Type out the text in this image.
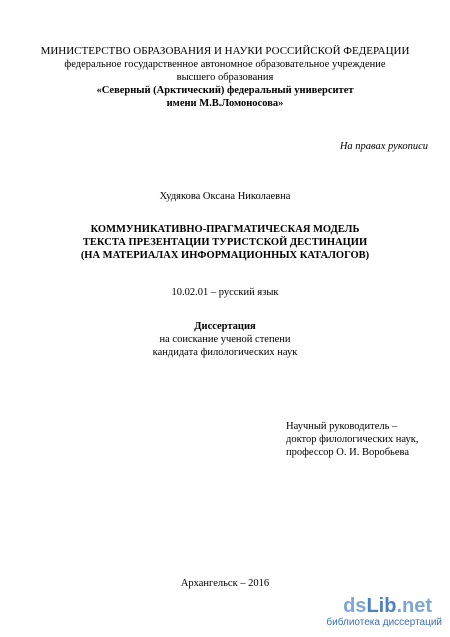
МИНИСТЕРСТВО ОБРАЗОВАНИЯ И НАУКИ РОССИЙСКОЙ ФЕДЕРАЦИИ
федеральное государственное автономное образовательное учреждение
высшего образования
«Северный (Арктический) федеральный университет
имени М.В.Ломоносова»
На правах рукописи
Худякова Оксана Николаевна
КОММУНИКАТИВНО-ПРАГМАТИЧЕСКАЯ МОДЕЛЬ
ТЕКСТА ПРЕЗЕНТАЦИИ ТУРИСТСКОЙ ДЕСТИНАЦИИ
(НА МАТЕРИАЛАХ ИНФОРМАЦИОННЫХ КАТАЛОГОВ)
10.02.01 – русский язык
Диссертация
на соискание ученой степени
кандидата филологических наук
Научный руководитель –
доктор филологических наук,
профессор О. И. Воробьева
Архангельск – 2016
dsLib.net
библиотека диссертаций
